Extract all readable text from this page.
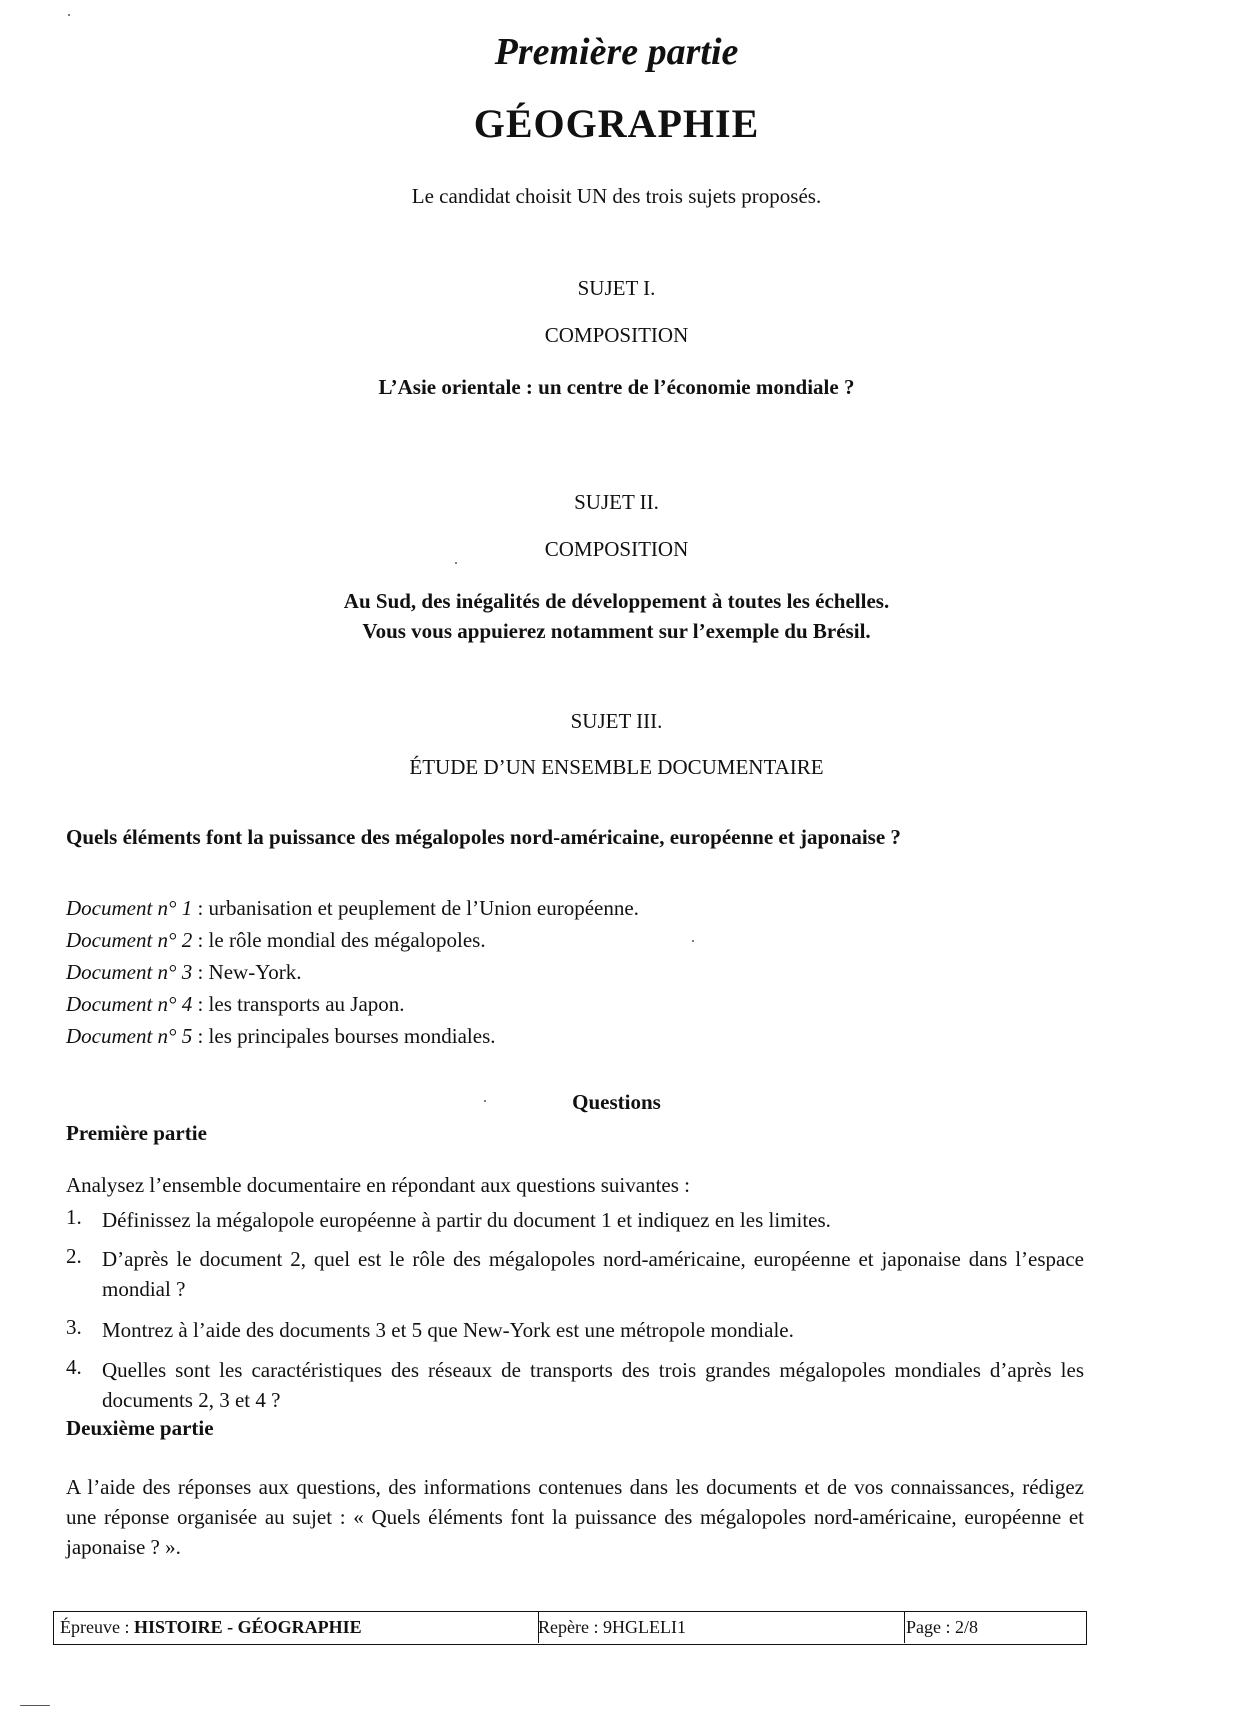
Première partie
GÉOGRAPHIE
Le candidat choisit UN des trois sujets proposés.
SUJET I.
COMPOSITION
L’Asie orientale : un centre de l’économie mondiale ?
SUJET II.
COMPOSITION
Au Sud, des inégalités de développement à toutes les échelles.
Vous vous appuierez notamment sur l’exemple du Brésil.
SUJET III.
ÉTUDE D’UN ENSEMBLE DOCUMENTAIRE
Quels éléments font la puissance des mégalopoles nord-américaine, européenne et japonaise ?
Document n° 1 : urbanisation et peuplement de l’Union européenne.
Document n° 2 : le rôle mondial des mégalopoles.
Document n° 3 : New-York.
Document n° 4 : les transports au Japon.
Document n° 5 : les principales bourses mondiales.
Questions
Première partie
Analysez l’ensemble documentaire en répondant aux questions suivantes :
1. Définissez la mégalopole européenne à partir du document 1 et indiquez en les limites.
2. D’après le document 2, quel est le rôle des mégalopoles nord-américaine, européenne et japonaise dans l’espace mondial ?
3. Montrez à l’aide des documents 3 et 5 que New-York est une métropole mondiale.
4. Quelles sont les caractéristiques des réseaux de transports des trois grandes mégalopoles mondiales d’après les documents 2, 3 et 4 ?
Deuxième partie
A l’aide des réponses aux questions, des informations contenues dans les documents et de vos connaissances, rédigez une réponse organisée au sujet : « Quels éléments font la puissance des mégalopoles nord-américaine, européenne et japonaise ? ».
Épreuve : HISTOIRE - GÉOGRAPHIE	Repère : 9HGLELI1	Page : 2/8
